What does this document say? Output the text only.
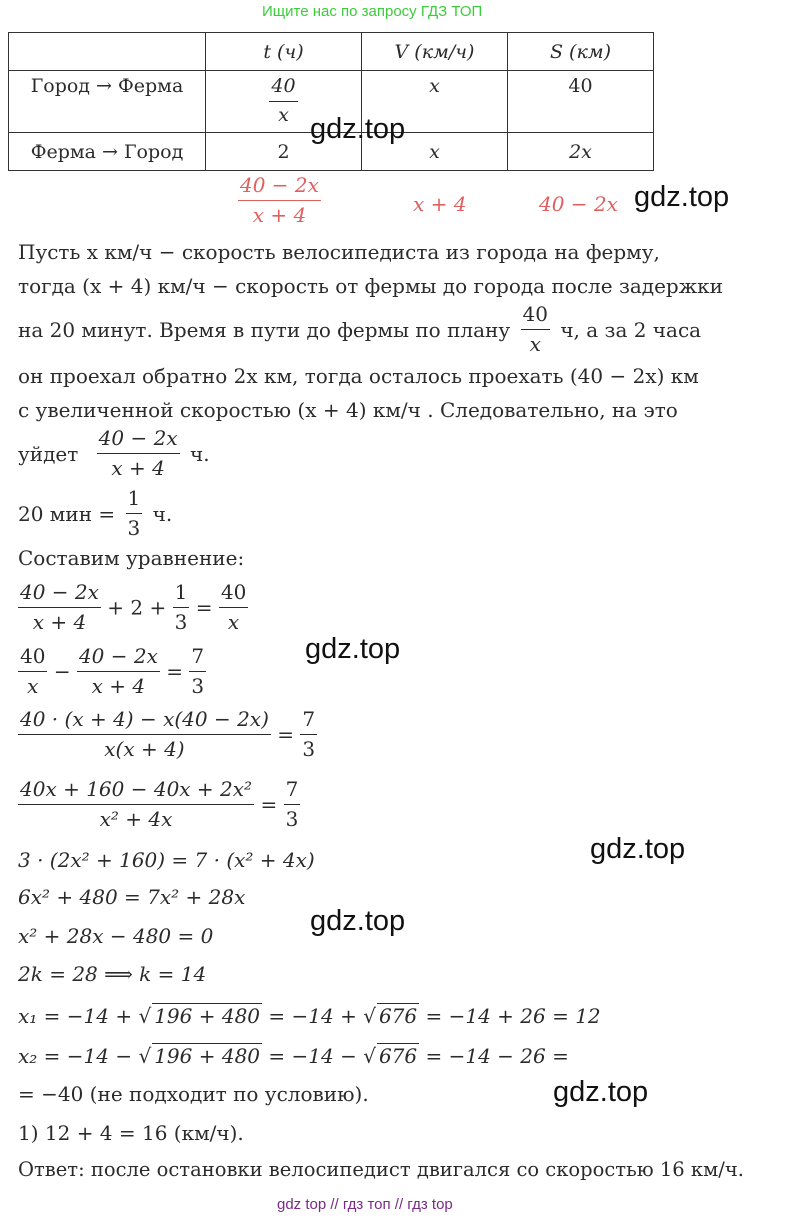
Ищите нас по запросу ГДЗ ТОП
	t (ч)	V (км/ч)	S (км)
Город → Ферма	$\frac{40}{x}$	x	40
Ферма → Город	2	x	2x
$\frac{40 - 2x}{x + 4}$	x + 4	40 − 2x
gdz.top
gdz.top
gdz.top
gdz.top
gdz.top
gdz.top
Пусть x км/ч − скорость велосипедиста из города на ферму,
тогда (x + 4) км/ч − скорость от фермы до города после задержки
на 20 минут. Время в пути до фермы по плану $\frac{40}{x} ч$, а за 2 часа
он проехал обратно 2x км, тогда осталось проехать (40 − 2x) км
с увеличенной скоростью (x + 4) км/ч . Следовательно, на это
уйдет $\frac{40 - 2x}{x + 4} ч$.
20 мин = $\frac{1}{3} ч$.
Составим уравнение:
$\frac{40 - 2x}{x + 4} + 2 + \frac{1}{3} = \frac{40}{x}$
$\frac{40}{x} - \frac{40 - 2x}{x + 4} = \frac{7}{3}$
$\frac{40 \cdot (x + 4) - x(40 - 2x)}{x(x + 4)} = \frac{7}{3}$
$\frac{\text{40x + 160 − 40x + 2x²}}{\text{x² + 4x}} = \frac{7}{3}$
3 · (2x² + 160) = 7 · (x² + 4x)
6x² + 480 = 7x² + 28x
x² + 28x − 480 = 0
2k = 28 ⟹ k = 14
x₁ = −14 + √ 196 + 480 = −14 + √ 676 = −14 + 26 = 12
x₂ = −14 − √ 196 + 480 = −14 − √ 676 = −14 − 26 =
= −40 (не подходит по условию).
1) 12 + 4 = 16 (км/ч).
Ответ: после остановки велосипедист двигался со скоростью 16 км/ч.
gdz top // гдз топ // гдз top
